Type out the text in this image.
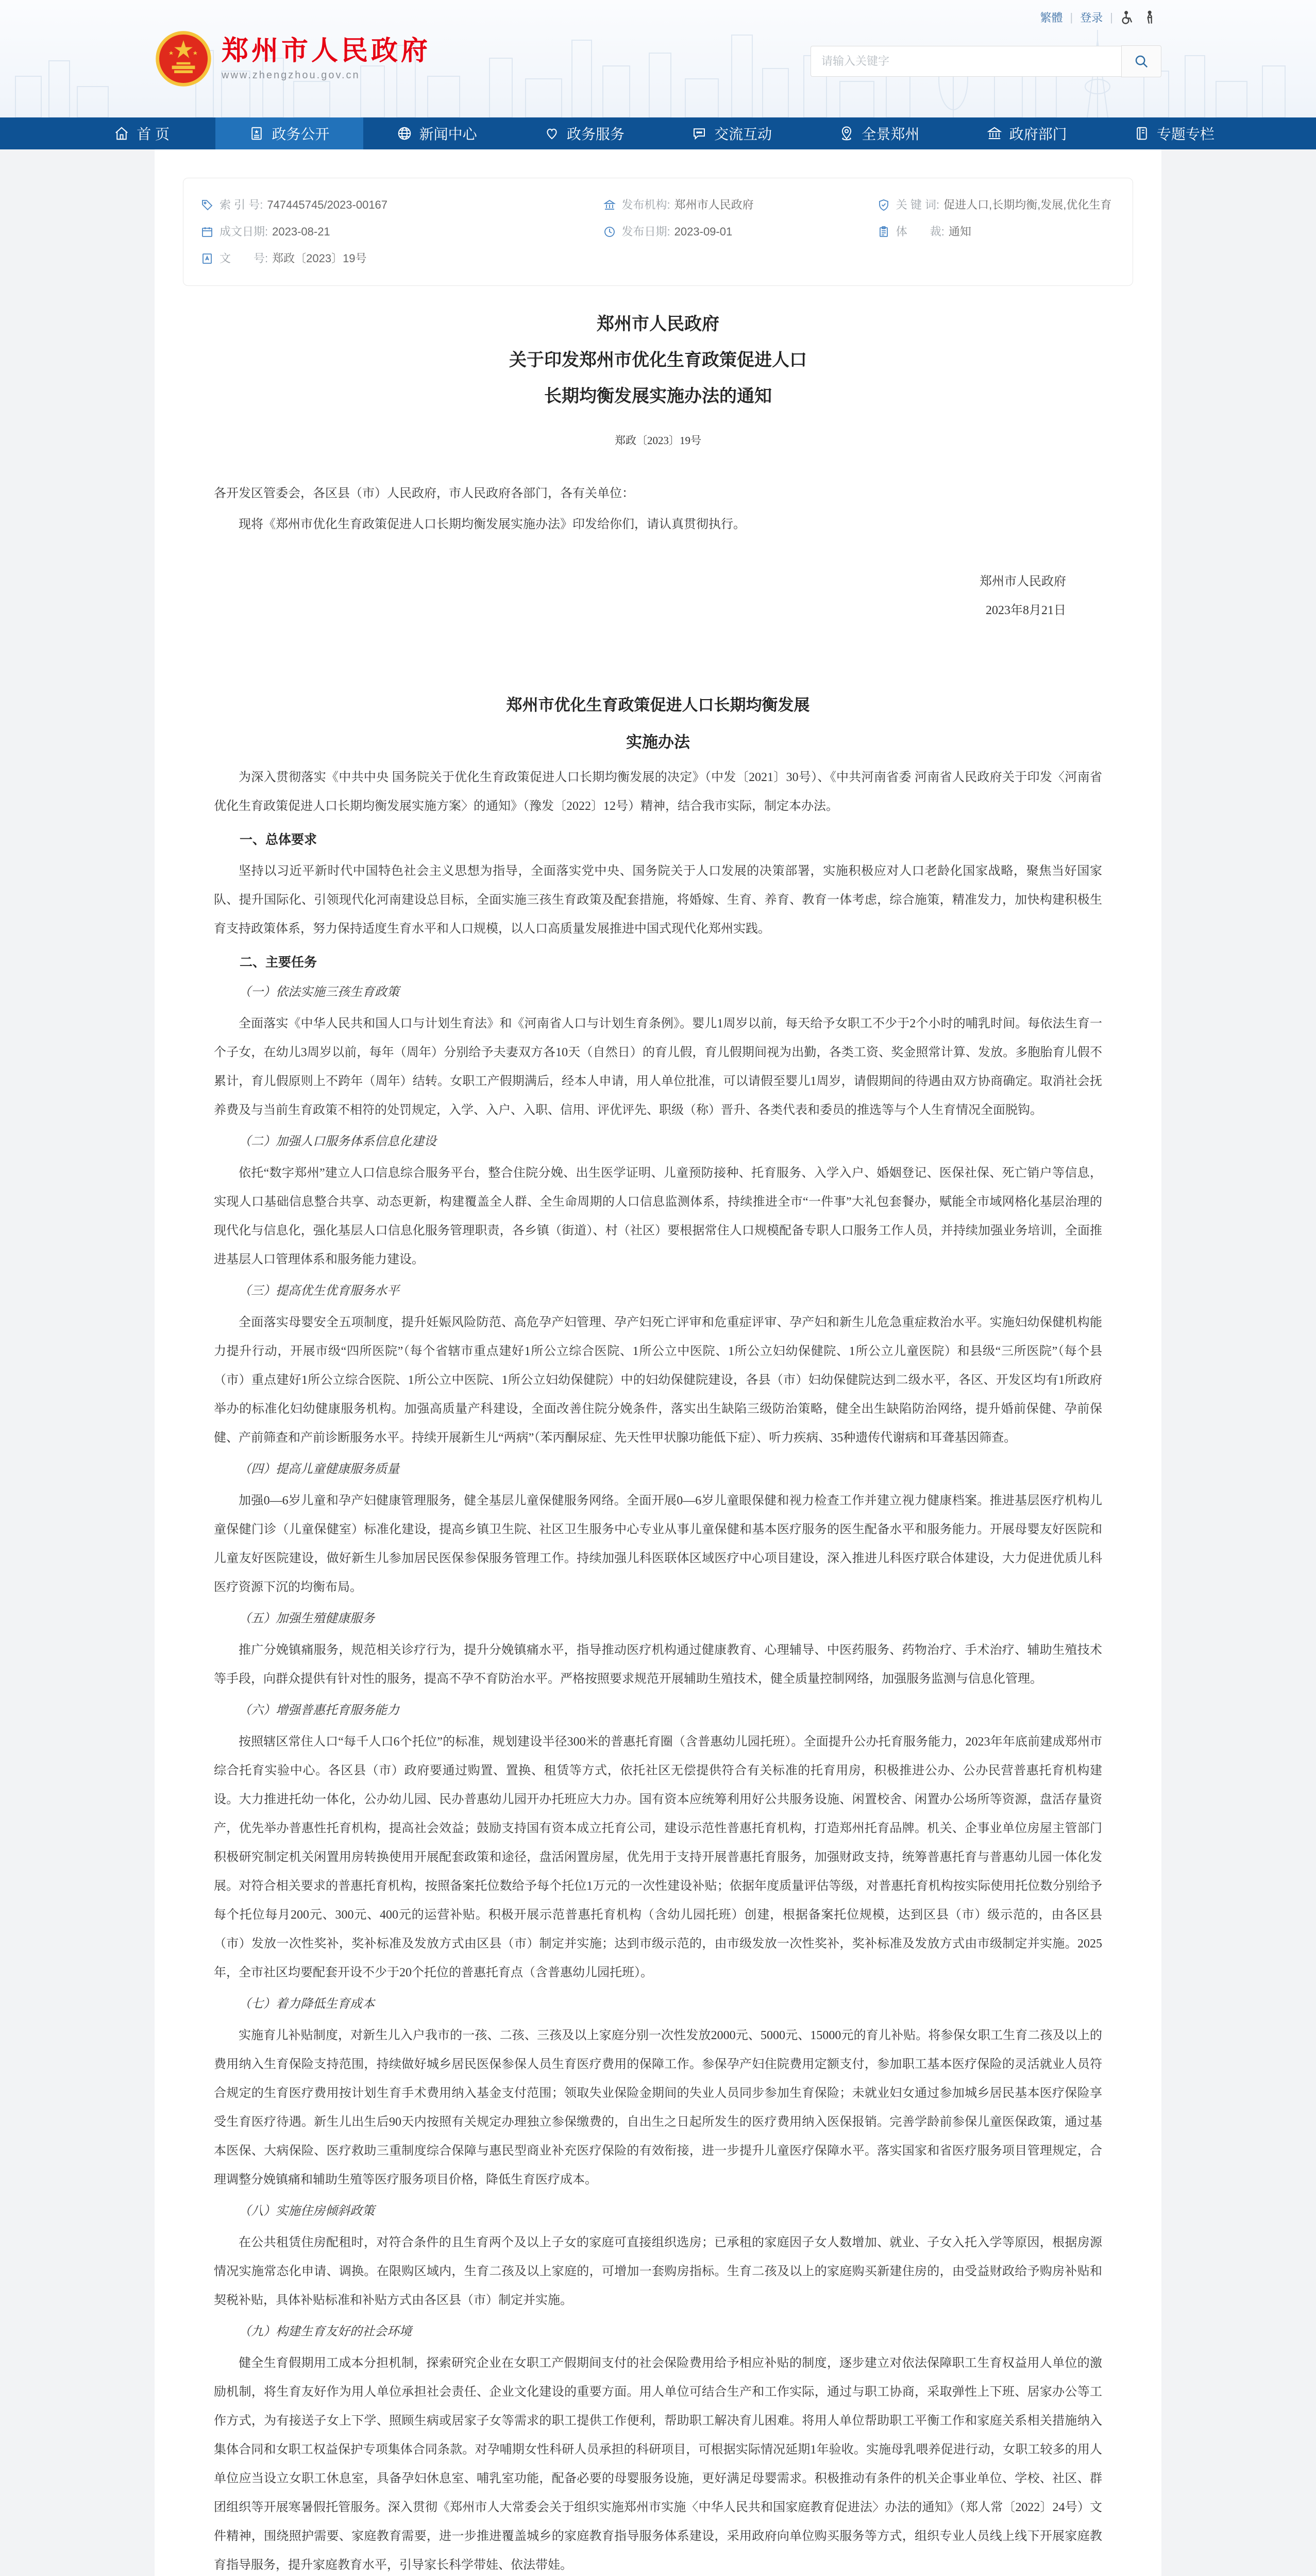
繁體 | 登录 |
郑州市人民政府
www.zhengzhou.gov.cn
请输入关键字
首 页	政务公开	新闻中心	政务服务	交流互动	全景郑州	政府部门	专题专栏
索 引 号: 747445745/2023-00167
成文日期: 2023-08-21
文　　号: 郑政〔2023〕19号
发布机构: 郑州市人民政府
发布日期: 2023-09-01
关 键 词: 促进人口,长期均衡,发展,优化生育
体　　裁: 通知
郑州市人民政府
关于印发郑州市优化生育政策促进人口
长期均衡发展实施办法的通知
郑政〔2023〕19号
各开发区管委会，各区县（市）人民政府，市人民政府各部门，各有关单位：
现将《郑州市优化生育政策促进人口长期均衡发展实施办法》印发给你们，请认真贯彻执行。
郑州市人民政府
2023年8月21日
郑州市优化生育政策促进人口长期均衡发展
实施办法
为深入贯彻落实《中共中央 国务院关于优化生育政策促进人口长期均衡发展的决定》（中发〔2021〕30号）、《中共河南省委 河南省人民政府关于印发〈河南省优化生育政策促进人口长期均衡发展实施方案〉的通知》（豫发〔2022〕12号）精神，结合我市实际，制定本办法。
一、总体要求
坚持以习近平新时代中国特色社会主义思想为指导，全面落实党中央、国务院关于人口发展的决策部署，实施积极应对人口老龄化国家战略，聚焦当好国家队、提升国际化、引领现代化河南建设总目标，全面实施三孩生育政策及配套措施，将婚嫁、生育、养育、教育一体考虑，综合施策，精准发力，加快构建积极生育支持政策体系，努力保持适度生育水平和人口规模，以人口高质量发展推进中国式现代化郑州实践。
二、主要任务
（一）依法实施三孩生育政策
全面落实《中华人民共和国人口与计划生育法》和《河南省人口与计划生育条例》。婴儿1周岁以前，每天给予女职工不少于2个小时的哺乳时间。每依法生育一个子女，在幼儿3周岁以前，每年（周年）分别给予夫妻双方各10天（自然日）的育儿假，育儿假期间视为出勤，各类工资、奖金照常计算、发放。多胞胎育儿假不累计，育儿假原则上不跨年（周年）结转。女职工产假期满后，经本人申请，用人单位批准，可以请假至婴儿1周岁，请假期间的待遇由双方协商确定。取消社会抚养费及与当前生育政策不相符的处罚规定，入学、入户、入职、信用、评优评先、职级（称）晋升、各类代表和委员的推选等与个人生育情况全面脱钩。
（二）加强人口服务体系信息化建设
依托“数字郑州”建立人口信息综合服务平台，整合住院分娩、出生医学证明、儿童预防接种、托育服务、入学入户、婚姻登记、医保社保、死亡销户等信息，实现人口基础信息整合共享、动态更新，构建覆盖全人群、全生命周期的人口信息监测体系，持续推进全市“一件事”大礼包套餐办，赋能全市域网格化基层治理的现代化与信息化，强化基层人口信息化服务管理职责，各乡镇（街道）、村（社区）要根据常住人口规模配备专职人口服务工作人员，并持续加强业务培训，全面推进基层人口管理体系和服务能力建设。
（三）提高优生优育服务水平
全面落实母婴安全五项制度，提升妊娠风险防范、高危孕产妇管理、孕产妇死亡评审和危重症评审、孕产妇和新生儿危急重症救治水平。实施妇幼保健机构能力提升行动，开展市级“四所医院”（每个省辖市重点建好1所公立综合医院、1所公立中医院、1所公立妇幼保健院、1所公立儿童医院）和县级“三所医院”（每个县（市）重点建好1所公立综合医院、1所公立中医院、1所公立妇幼保健院）中的妇幼保健院建设，各县（市）妇幼保健院达到二级水平，各区、开发区均有1所政府举办的标准化妇幼健康服务机构。加强高质量产科建设，全面改善住院分娩条件，落实出生缺陷三级防治策略，健全出生缺陷防治网络，提升婚前保健、孕前保健、产前筛查和产前诊断服务水平。持续开展新生儿“两病”（苯丙酮尿症、先天性甲状腺功能低下症）、听力疾病、35种遗传代谢病和耳聋基因筛查。
（四）提高儿童健康服务质量
加强0—6岁儿童和孕产妇健康管理服务，健全基层儿童保健服务网络。全面开展0—6岁儿童眼保健和视力检查工作并建立视力健康档案。推进基层医疗机构儿童保健门诊（儿童保健室）标准化建设，提高乡镇卫生院、社区卫生服务中心专业从事儿童保健和基本医疗服务的医生配备水平和服务能力。开展母婴友好医院和儿童友好医院建设，做好新生儿参加居民医保参保服务管理工作。持续加强儿科医联体区域医疗中心项目建设，深入推进儿科医疗联合体建设，大力促进优质儿科医疗资源下沉的均衡布局。
（五）加强生殖健康服务
推广分娩镇痛服务，规范相关诊疗行为，提升分娩镇痛水平，指导推动医疗机构通过健康教育、心理辅导、中医药服务、药物治疗、手术治疗、辅助生殖技术等手段，向群众提供有针对性的服务，提高不孕不育防治水平。严格按照要求规范开展辅助生殖技术，健全质量控制网络，加强服务监测与信息化管理。
（六）增强普惠托育服务能力
按照辖区常住人口“每千人口6个托位”的标准，规划建设半径300米的普惠托育圈（含普惠幼儿园托班）。全面提升公办托育服务能力，2023年年底前建成郑州市综合托育实验中心。各区县（市）政府要通过购置、置换、租赁等方式，依托社区无偿提供符合有关标准的托育用房，积极推进公办、公办民营普惠托育机构建设。大力推进托幼一体化，公办幼儿园、民办普惠幼儿园开办托班应大力办。国有资本应统筹利用好公共服务设施、闲置校舍、闲置办公场所等资源，盘活存量资产，优先举办普惠性托育机构，提高社会效益；鼓励支持国有资本成立托育公司，建设示范性普惠托育机构，打造郑州托育品牌。机关、企事业单位房屋主管部门积极研究制定机关闲置用房转换使用开展配套政策和途径，盘活闲置房屋，优先用于支持开展普惠托育服务，加强财政支持，统筹普惠托育与普惠幼儿园一体化发展。对符合相关要求的普惠托育机构，按照备案托位数给予每个托位1万元的一次性建设补贴；依据年度质量评估等级，对普惠托育机构按实际使用托位数分别给予每个托位每月200元、300元、400元的运营补贴。积极开展示范普惠托育机构（含幼儿园托班）创建，根据备案托位规模，达到区县（市）级示范的，由各区县（市）发放一次性奖补，奖补标准及发放方式由区县（市）制定并实施；达到市级示范的，由市级发放一次性奖补，奖补标准及发放方式由市级制定并实施。2025年，全市社区均要配套开设不少于20个托位的普惠托育点（含普惠幼儿园托班）。
（七）着力降低生育成本
实施育儿补贴制度，对新生儿入户我市的一孩、二孩、三孩及以上家庭分别一次性发放2000元、5000元、15000元的育儿补贴。将参保女职工生育二孩及以上的费用纳入生育保险支持范围，持续做好城乡居民医保参保人员生育医疗费用的保障工作。参保孕产妇住院费用定额支付，参加职工基本医疗保险的灵活就业人员符合规定的生育医疗费用按计划生育手术费用纳入基金支付范围；领取失业保险金期间的失业人员同步参加生育保险；未就业妇女通过参加城乡居民基本医疗保险享受生育医疗待遇。新生儿出生后90天内按照有关规定办理独立参保缴费的，自出生之日起所发生的医疗费用纳入医保报销。完善学龄前参保儿童医保政策，通过基本医保、大病保险、医疗救助三重制度综合保障与惠民型商业补充医疗保险的有效衔接，进一步提升儿童医疗保障水平。落实国家和省医疗服务项目管理规定，合理调整分娩镇痛和辅助生殖等医疗服务项目价格，降低生育医疗成本。
（八）实施住房倾斜政策
在公共租赁住房配租时，对符合条件的且生育两个及以上子女的家庭可直接组织选房；已承租的家庭因子女人数增加、就业、子女入托入学等原因，根据房源情况实施常态化申请、调换。在限购区域内，生育二孩及以上家庭的，可增加一套购房指标。生育二孩及以上的家庭购买新建住房的，由受益财政给予购房补贴和契税补贴，具体补贴标准和补贴方式由各区县（市）制定并实施。
（九）构建生育友好的社会环境
健全生育假期用工成本分担机制，探索研究企业在女职工产假期间支付的社会保险费用给予相应补贴的制度，逐步建立对依法保障职工生育权益用人单位的激励机制，将生育友好作为用人单位承担社会责任、企业文化建设的重要方面。用人单位可结合生产和工作实际，通过与职工协商，采取弹性上下班、居家办公等工作方式，为有接送子女上下学、照顾生病或居家子女等需求的职工提供工作便利，帮助职工解决育儿困难。将用人单位帮助职工平衡工作和家庭关系相关措施纳入集体合同和女职工权益保护专项集体合同条款。对孕哺期女性科研人员承担的科研项目，可根据实际情况延期1年验收。实施母乳喂养促进行动，女职工较多的用人单位应当设立女职工休息室，具备孕妇休息室、哺乳室功能，配备必要的母婴服务设施，更好满足母婴需求。积极推动有条件的机关企事业单位、学校、社区、群团组织等开展寒暑假托管服务。深入贯彻《郑州市人大常委会关于组织实施郑州市实施〈中华人民共和国家庭教育促进法〉办法的通知》（郑人常〔2022〕24号）文件精神，围绕照护需要、家庭教育需要，进一步推进覆盖城乡的家庭教育指导服务体系建设，采用政府向单位购买服务等方式，组织专业人员线上线下开展家庭教育指导服务，提升家庭教育水平，引导家长科学带娃、依法带娃。
